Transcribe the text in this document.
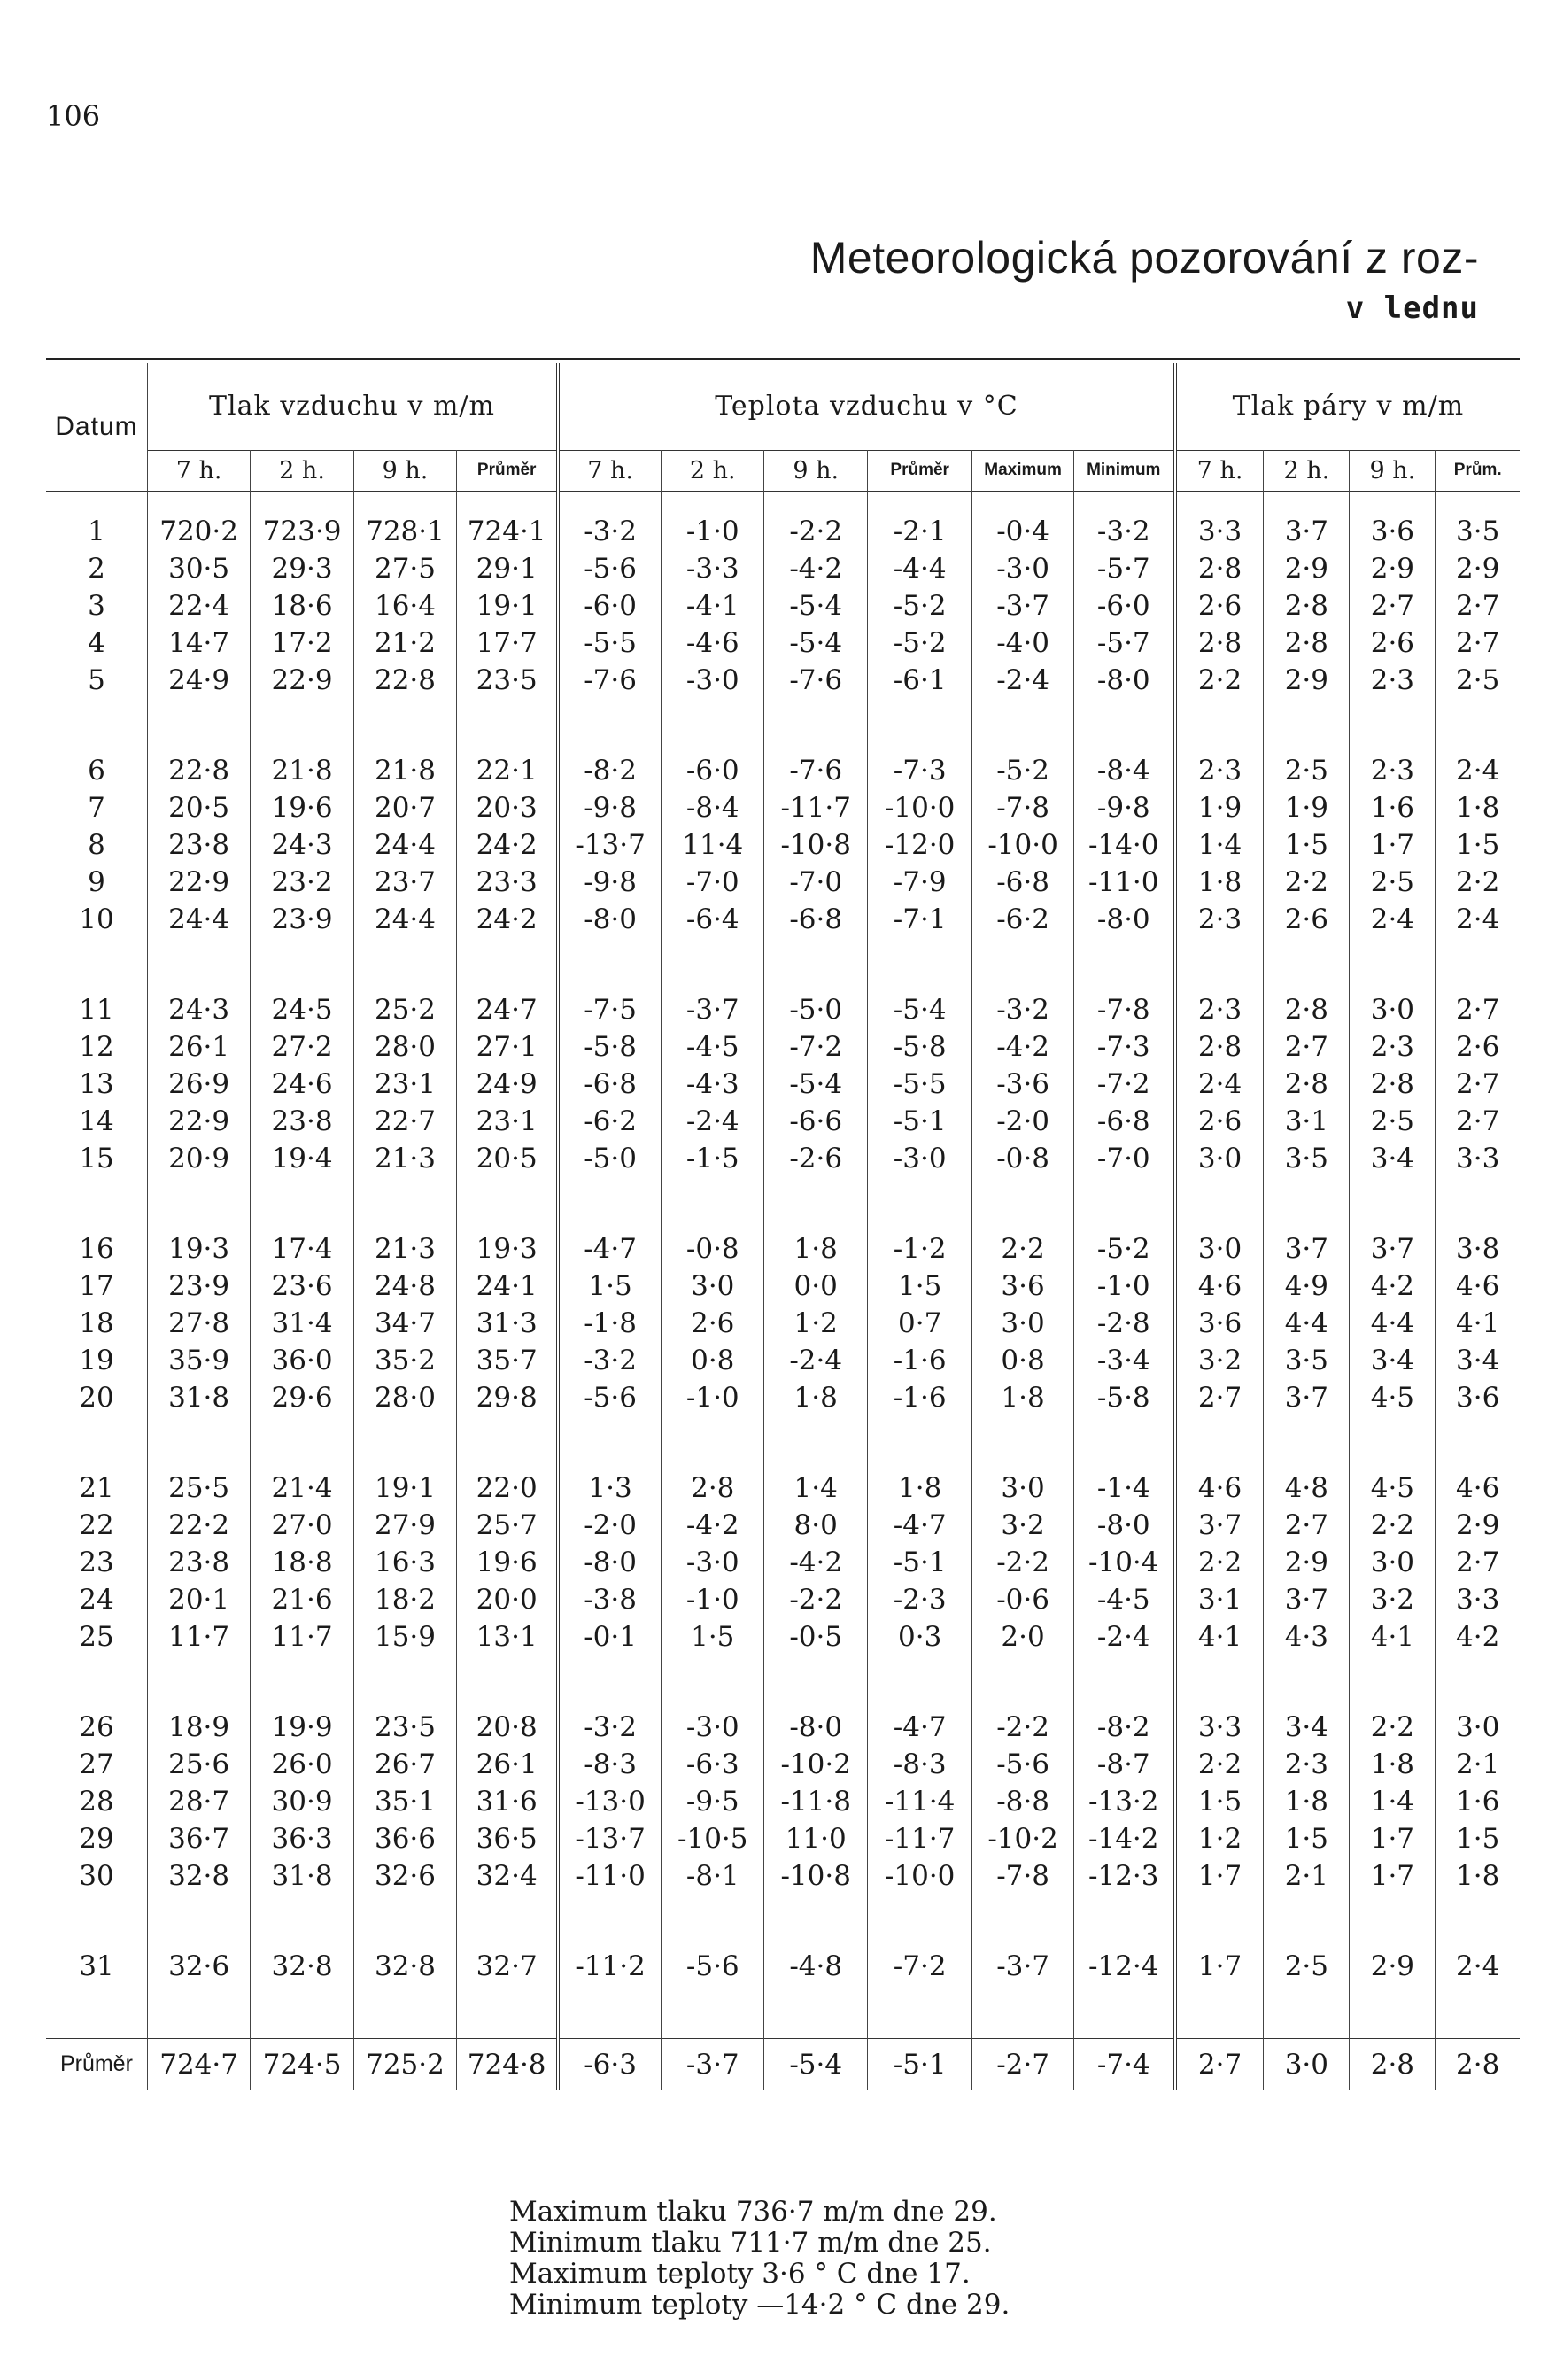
106
Meteorologická pozorování z roz-
v lednu
Datum	Tlak vzduchu v m/m				Teplota vzduchu v °C						Tlak páry v m/m			
	7 h.	2 h.	9 h.	Průměr	7 h.	2 h.	9 h.	Průměr	Maximum	Minimum	7 h.	2 h.	9 h.	Prům.

1	720·2	723·9	728·1	724·1	-3·2	-1·0	-2·2	-2·1	-0·4	-3·2	3·3	3·7	3·6	3·5
2	30·5	29·3	27·5	29·1	-5·6	-3·3	-4·2	-4·4	-3·0	-5·7	2·8	2·9	2·9	2·9
3	22·4	18·6	16·4	19·1	-6·0	-4·1	-5·4	-5·2	-3·7	-6·0	2·6	2·8	2·7	2·7
4	14·7	17·2	21·2	17·7	-5·5	-4·6	-5·4	-5·2	-4·0	-5·7	2·8	2·8	2·6	2·7
5	24·9	22·9	22·8	23·5	-7·6	-3·0	-7·6	-6·1	-2·4	-8·0	2·2	2·9	2·3	2·5

6	22·8	21·8	21·8	22·1	-8·2	-6·0	-7·6	-7·3	-5·2	-8·4	2·3	2·5	2·3	2·4
7	20·5	19·6	20·7	20·3	-9·8	-8·4	-11·7	-10·0	-7·8	-9·8	1·9	1·9	1·6	1·8
8	23·8	24·3	24·4	24·2	-13·7	11·4	-10·8	-12·0	-10·0	-14·0	1·4	1·5	1·7	1·5
9	22·9	23·2	23·7	23·3	-9·8	-7·0	-7·0	-7·9	-6·8	-11·0	1·8	2·2	2·5	2·2
10	24·4	23·9	24·4	24·2	-8·0	-6·4	-6·8	-7·1	-6·2	-8·0	2·3	2·6	2·4	2·4

11	24·3	24·5	25·2	24·7	-7·5	-3·7	-5·0	-5·4	-3·2	-7·8	2·3	2·8	3·0	2·7
12	26·1	27·2	28·0	27·1	-5·8	-4·5	-7·2	-5·8	-4·2	-7·3	2·8	2·7	2·3	2·6
13	26·9	24·6	23·1	24·9	-6·8	-4·3	-5·4	-5·5	-3·6	-7·2	2·4	2·8	2·8	2·7
14	22·9	23·8	22·7	23·1	-6·2	-2·4	-6·6	-5·1	-2·0	-6·8	2·6	3·1	2·5	2·7
15	20·9	19·4	21·3	20·5	-5·0	-1·5	-2·6	-3·0	-0·8	-7·0	3·0	3·5	3·4	3·3

16	19·3	17·4	21·3	19·3	-4·7	-0·8	1·8	-1·2	2·2	-5·2	3·0	3·7	3·7	3·8
17	23·9	23·6	24·8	24·1	1·5	3·0	0·0	1·5	3·6	-1·0	4·6	4·9	4·2	4·6
18	27·8	31·4	34·7	31·3	-1·8	2·6	1·2	0·7	3·0	-2·8	3·6	4·4	4·4	4·1
19	35·9	36·0	35·2	35·7	-3·2	0·8	-2·4	-1·6	0·8	-3·4	3·2	3·5	3·4	3·4
20	31·8	29·6	28·0	29·8	-5·6	-1·0	1·8	-1·6	1·8	-5·8	2·7	3·7	4·5	3·6

21	25·5	21·4	19·1	22·0	1·3	2·8	1·4	1·8	3·0	-1·4	4·6	4·8	4·5	4·6
22	22·2	27·0	27·9	25·7	-2·0	-4·2	8·0	-4·7	3·2	-8·0	3·7	2·7	2·2	2·9
23	23·8	18·8	16·3	19·6	-8·0	-3·0	-4·2	-5·1	-2·2	-10·4	2·2	2·9	3·0	2·7
24	20·1	21·6	18·2	20·0	-3·8	-1·0	-2·2	-2·3	-0·6	-4·5	3·1	3·7	3·2	3·3
25	11·7	11·7	15·9	13·1	-0·1	1·5	-0·5	0·3	2·0	-2·4	4·1	4·3	4·1	4·2

26	18·9	19·9	23·5	20·8	-3·2	-3·0	-8·0	-4·7	-2·2	-8·2	3·3	3·4	2·2	3·0
27	25·6	26·0	26·7	26·1	-8·3	-6·3	-10·2	-8·3	-5·6	-8·7	2·2	2·3	1·8	2·1
28	28·7	30·9	35·1	31·6	-13·0	-9·5	-11·8	-11·4	-8·8	-13·2	1·5	1·8	1·4	1·6
29	36·7	36·3	36·6	36·5	-13·7	-10·5	11·0	-11·7	-10·2	-14·2	1·2	1·5	1·7	1·5
30	32·8	31·8	32·6	32·4	-11·0	-8·1	-10·8	-10·0	-7·8	-12·3	1·7	2·1	1·7	1·8

31	32·6	32·8	32·8	32·7	-11·2	-5·6	-4·8	-7·2	-3·7	-12·4	1·7	2·5	2·9	2·4

Průměr	724·7	724·5	725·2	724·8	-6·3	-3·7	-5·4	-5·1	-2·7	-7·4	2·7	3·0	2·8	2·8
Maximum tlaku 736·7 m/m dne 29.
Minimum tlaku 711·7 m/m dne 25.
Maximum teploty 3·6 ° C dne 17.
Minimum teploty —14·2 ° C dne 29.
